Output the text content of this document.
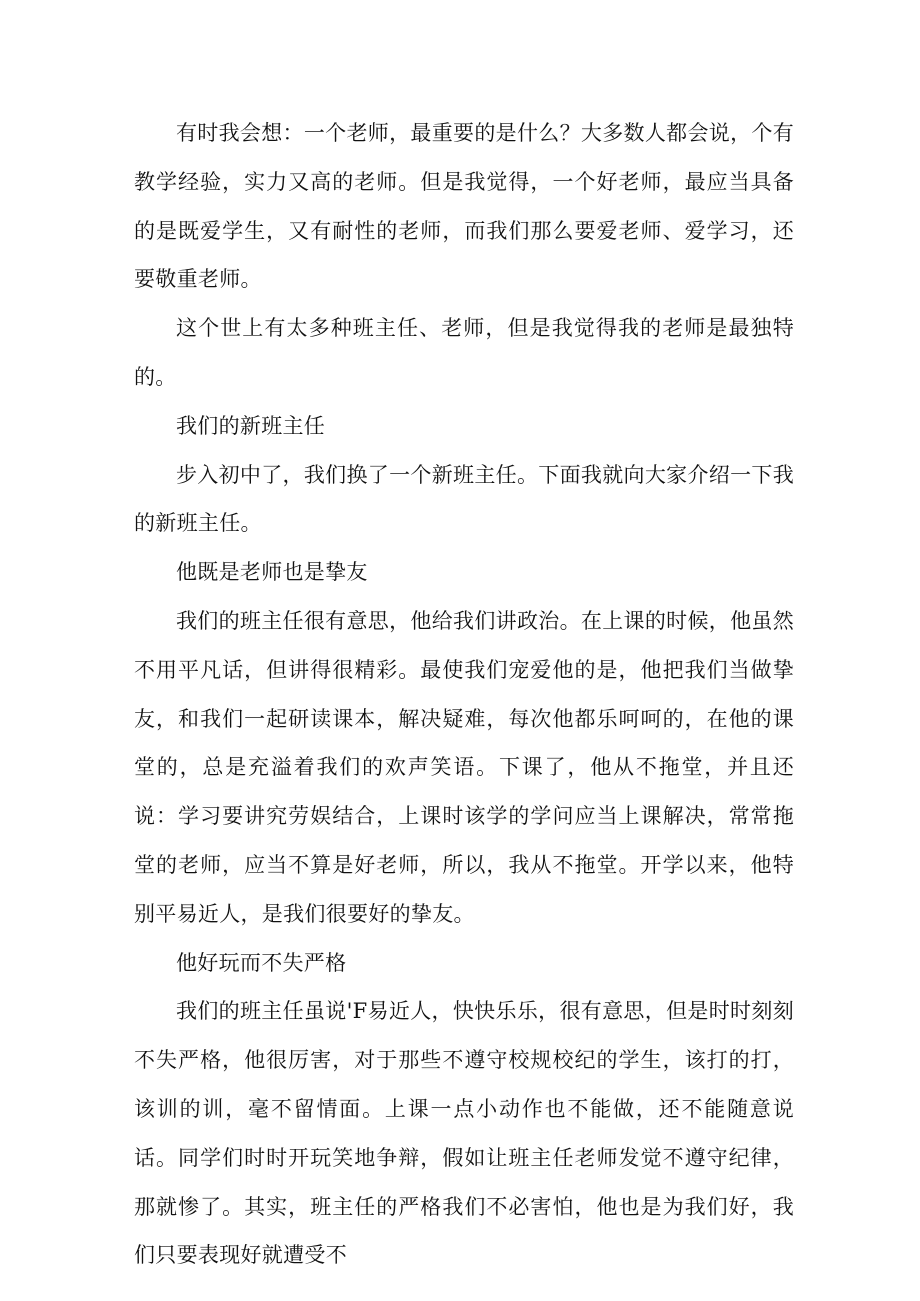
有时我会想：一个老师，最重要的是什么？大多数人都会说，个有教学经验，实力又高的老师。但是我觉得，一个好老师，最应当具备的是既爱学生，又有耐性的老师，而我们那么要爱老师、爱学习，还要敬重老师。

这个世上有太多种班主任、老师，但是我觉得我的老师是最独特的。

我们的新班主任

步入初中了，我们换了一个新班主任。下面我就向大家介绍一下我的新班主任。

他既是老师也是挚友

我们的班主任很有意思，他给我们讲政治。在上课的时候，他虽然不用平凡话，但讲得很精彩。最使我们宠爱他的是，他把我们当做挚友，和我们一起研读课本，解决疑难，每次他都乐呵呵的，在他的课堂的，总是充溢着我们的欢声笑语。下课了，他从不拖堂，并且还说：学习要讲究劳娱结合，上课时该学的学问应当上课解决，常常拖堂的老师，应当不算是好老师，所以，我从不拖堂。开学以来，他特别平易近人，是我们很要好的挚友。

他好玩而不失严格

我们的班主任虽说'F易近人，快快乐乐，很有意思，但是时时刻刻不失严格，他很厉害，对于那些不遵守校规校纪的学生，该打的打，该训的训，毫不留情面。上课一点小动作也不能做，还不能随意说话。同学们时时开玩笑地争辩，假如让班主任老师发觉不遵守纪律，那就惨了。其实，班主任的严格我们不必害怕，他也是为我们好，我们只要表现好就遭受不
